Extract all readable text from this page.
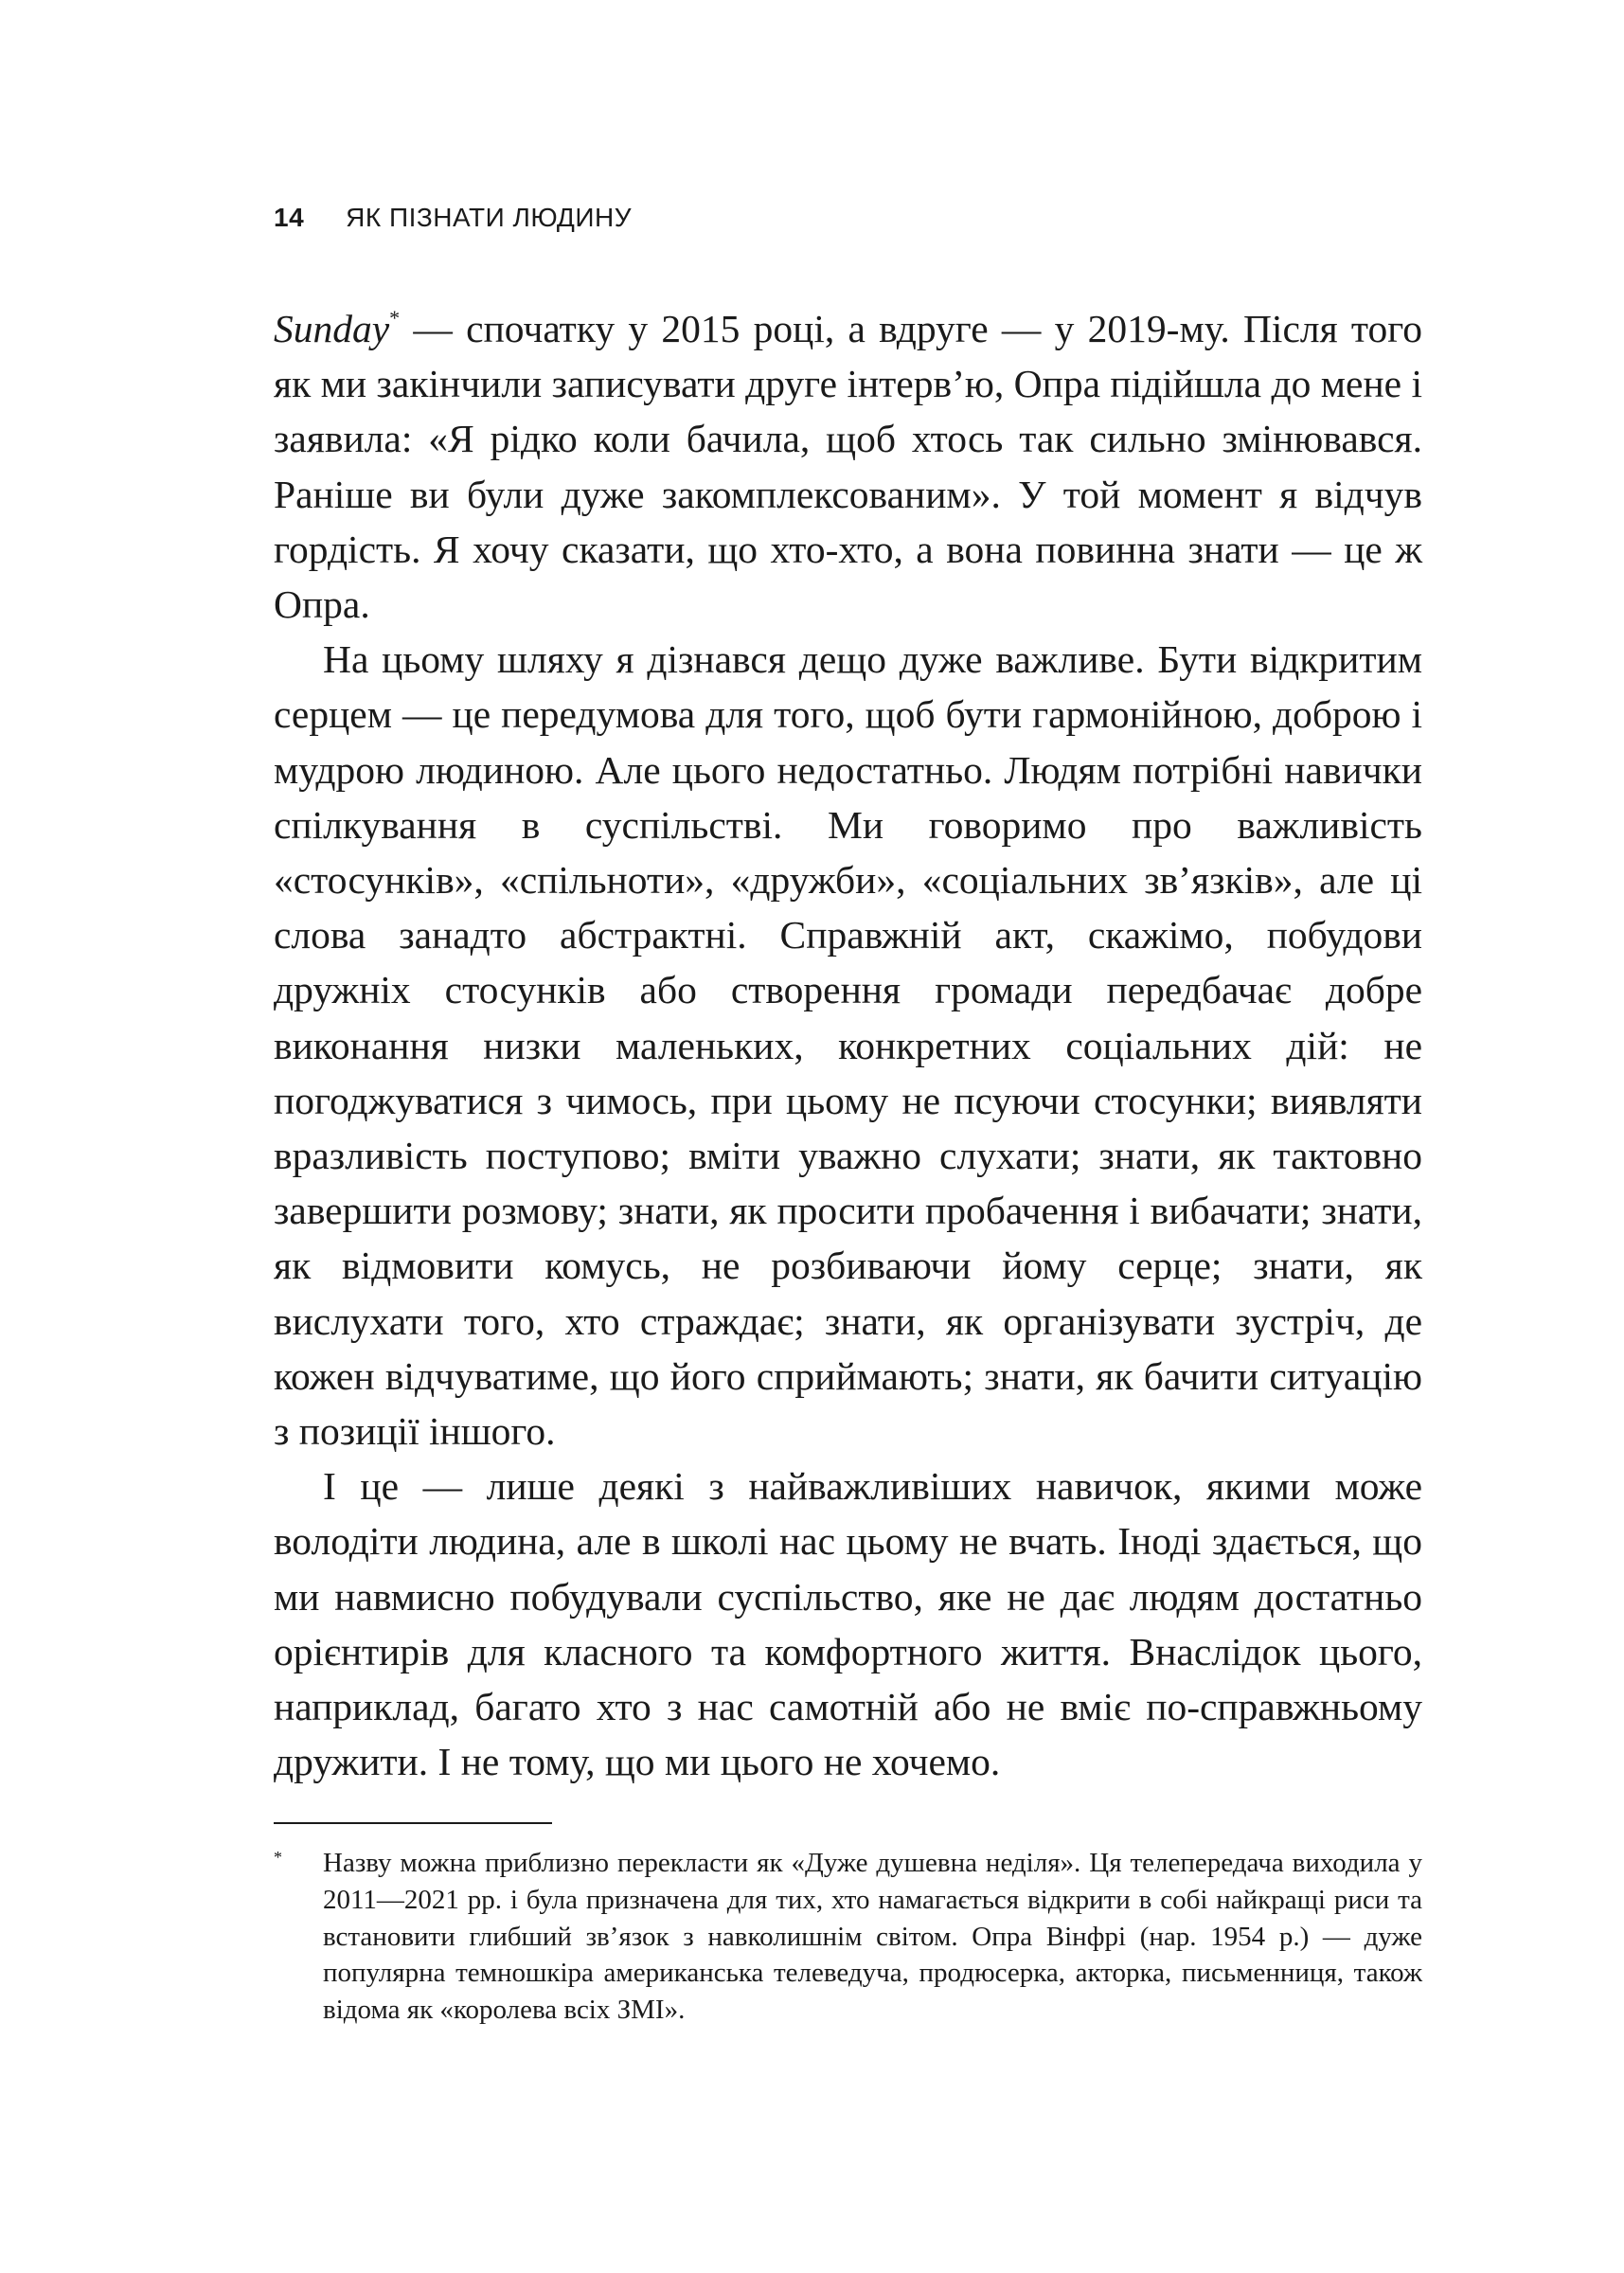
14 ЯК ПІЗНАТИ ЛЮДИНУ

Sunday* — спочатку у 2015 році, а вдруге — у 2019-му. Після того як ми закінчили записувати друге інтерв’ю, Опра підійшла до мене і заявила: «Я рідко коли бачила, щоб хтось так сильно змінювався. Раніше ви були дуже закомплексованим». У той момент я відчув гордість. Я хочу сказати, що хто-хто, а вона повинна знати — це ж Опра.

На цьому шляху я дізнався дещо дуже важливе. Бути відкритим серцем — це передумова для того, щоб бути гармонійною, доброю і мудрою людиною. Але цього недостатньо. Людям потрібні навички спілкування в суспільстві. Ми говоримо про важливість «стосунків», «спільноти», «дружби», «соціальних зв’язків», але ці слова занадто абстрактні. Справжній акт, скажімо, побудови дружніх стосунків або створення громади передбачає добре виконання низки маленьких, конкретних соціальних дій: не погоджуватися з чимось, при цьому не псуючи стосунки; виявляти вразливість поступово; вміти уважно слухати; знати, як тактовно завершити розмову; знати, як просити пробачення і вибачати; знати, як відмовити комусь, не розбиваючи йому серце; знати, як вислухати того, хто страждає; знати, як організувати зустріч, де кожен відчуватиме, що його сприймають; знати, як бачити ситуацію з позиції іншого.

І це — лише деякі з найважливіших навичок, якими може володіти людина, але в школі нас цьому не вчать. Іноді здається, що ми навмисно побудували суспільство, яке не дає людям достатньо орієнтирів для класного та комфортного життя. Внаслідок цього, наприклад, багато хто з нас самотній або не вміє по-справжньому дружити. І не тому, що ми цього не хочемо.

* Назву можна приблизно перекласти як «Дуже душевна неділя». Ця телепередача виходила у 2011—2021 рр. і була призначена для тих, хто намагається відкрити в собі найкращі риси та встановити глибший зв’язок з навколишнім світом. Опра Вінфрі (нар. 1954 р.) — дуже популярна темношкіра американська телеведуча, продюсерка, акторка, письменниця, також відома як «королева всіх ЗМІ».
